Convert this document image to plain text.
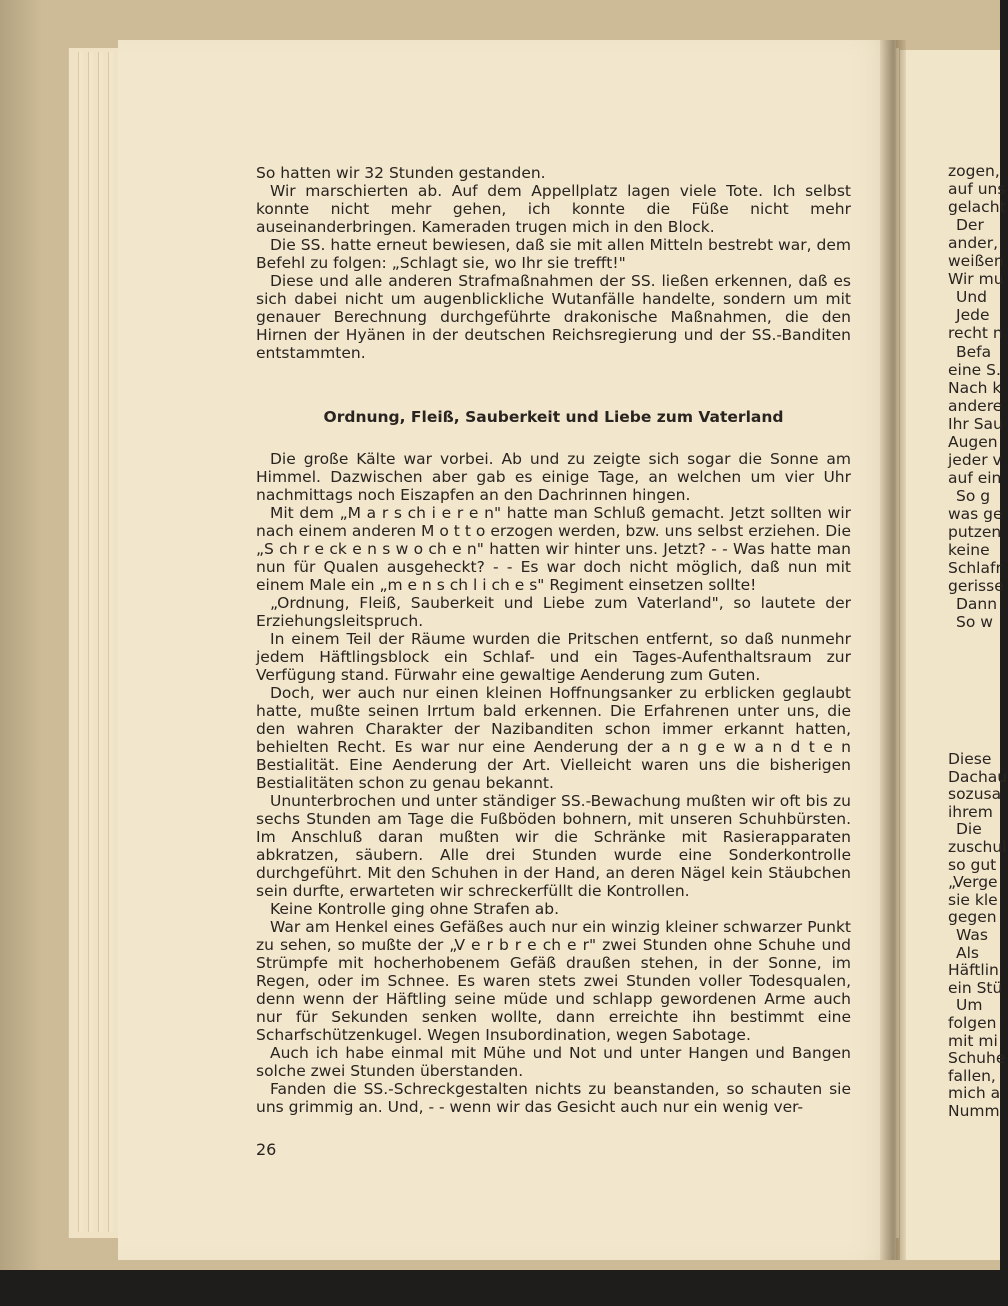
So hatten wir 32 Stunden gestanden.

Wir marschierten ab. Auf dem Appellplatz lagen viele Tote. Ich selbst konnte nicht mehr gehen, ich konnte die Füße nicht mehr auseinanderbringen. Kameraden trugen mich in den Block.

Die SS. hatte erneut bewiesen, daß sie mit allen Mitteln bestrebt war, dem Befehl zu folgen: „Schlagt sie, wo Ihr sie trefft!"

Diese und alle anderen Strafmaßnahmen der SS. ließen erkennen, daß es sich dabei nicht um augenblickliche Wutanfälle handelte, sondern um mit genauer Berechnung durchgeführte drakonische Maßnahmen, die den Hirnen der Hyänen in der deutschen Reichsregierung und der SS.-Banditen entstammten.

Ordnung, Fleiß, Sauberkeit und Liebe zum Vaterland

Die große Kälte war vorbei. Ab und zu zeigte sich sogar die Sonne am Himmel. Dazwischen aber gab es einige Tage, an welchen um vier Uhr nachmittags noch Eiszapfen an den Dachrinnen hingen.

Mit dem „M a r s ch i e r e n" hatte man Schluß gemacht. Jetzt sollten wir nach einem anderen M o t t o erzogen werden, bzw. uns selbst erziehen. Die „S ch r e ck e n s w o ch e n" hatten wir hinter uns. Jetzt? - - Was hatte man nun für Qualen ausgeheckt? - - Es war doch nicht möglich, daß nun mit einem Male ein „m e n s ch l i ch e s" Regiment einsetzen sollte!

„Ordnung, Fleiß, Sauberkeit und Liebe zum Vaterland", so lautete der Erziehungsleitspruch.

In einem Teil der Räume wurden die Pritschen entfernt, so daß nunmehr jedem Häftlingsblock ein Schlaf- und ein Tages-Aufenthaltsraum zur Verfügung stand. Fürwahr eine gewaltige Aenderung zum Guten.

Doch, wer auch nur einen kleinen Hoffnungsanker zu erblicken geglaubt hatte, mußte seinen Irrtum bald erkennen. Die Erfahrenen unter uns, die den wahren Charakter der Nazibanditen schon immer erkannt hatten, behielten Recht. Es war nur eine Aenderung der a n g e w a n d t e n Bestialität. Eine Aenderung der Art. Vielleicht waren uns die bisherigen Bestialitäten schon zu genau bekannt.

Ununterbrochen und unter ständiger SS.-Bewachung mußten wir oft bis zu sechs Stunden am Tage die Fußböden bohnern, mit unseren Schuhbürsten. Im Anschluß daran mußten wir die Schränke mit Rasierapparaten abkratzen, säubern. Alle drei Stunden wurde eine Sonderkontrolle durchgeführt. Mit den Schuhen in der Hand, an deren Nägel kein Stäubchen sein durfte, erwarteten wir schreckerfüllt die Kontrollen.

Keine Kontrolle ging ohne Strafen ab.

War am Henkel eines Gefäßes auch nur ein winzig kleiner schwarzer Punkt zu sehen, so mußte der „V e r b r e ch e r" zwei Stunden ohne Schuhe und Strümpfe mit hocherhobenem Gefäß draußen stehen, in der Sonne, im Regen, oder im Schnee. Es waren stets zwei Stunden voller Todesqualen, denn wenn der Häftling seine müde und schlapp gewordenen Arme auch nur für Sekunden senken wollte, dann erreichte ihn bestimmt eine Scharfschützenkugel. Wegen Insubordination, wegen Sabotage.

Auch ich habe einmal mit Mühe und Not und unter Hangen und Bangen solche zwei Stunden überstanden.

Fanden die SS.-Schreckgestalten nichts zu beanstanden, so schauten sie uns grimmig an. Und, - - wenn wir das Gesicht auch nur ein wenig ver-

26
zogen,
auf uns
gelacht
Der
ander,
weißen
Wir mu
Und
Jede
recht n
Befa
eine S.
Nach k
andere
Ihr Sau
Augen
jeder v
auf ein
So g
was ge
putzen
keine
Schlafr
gerisse
Dann
So w
Diese
Dachau
sozusa
ihrem
Die
zuschul
so gut
„Verge
sie kle
gegen
Was
Als
Häftlin
ein Stü
Um
folgen
mit mi
Schuhe
fallen,
mich a
Numm
